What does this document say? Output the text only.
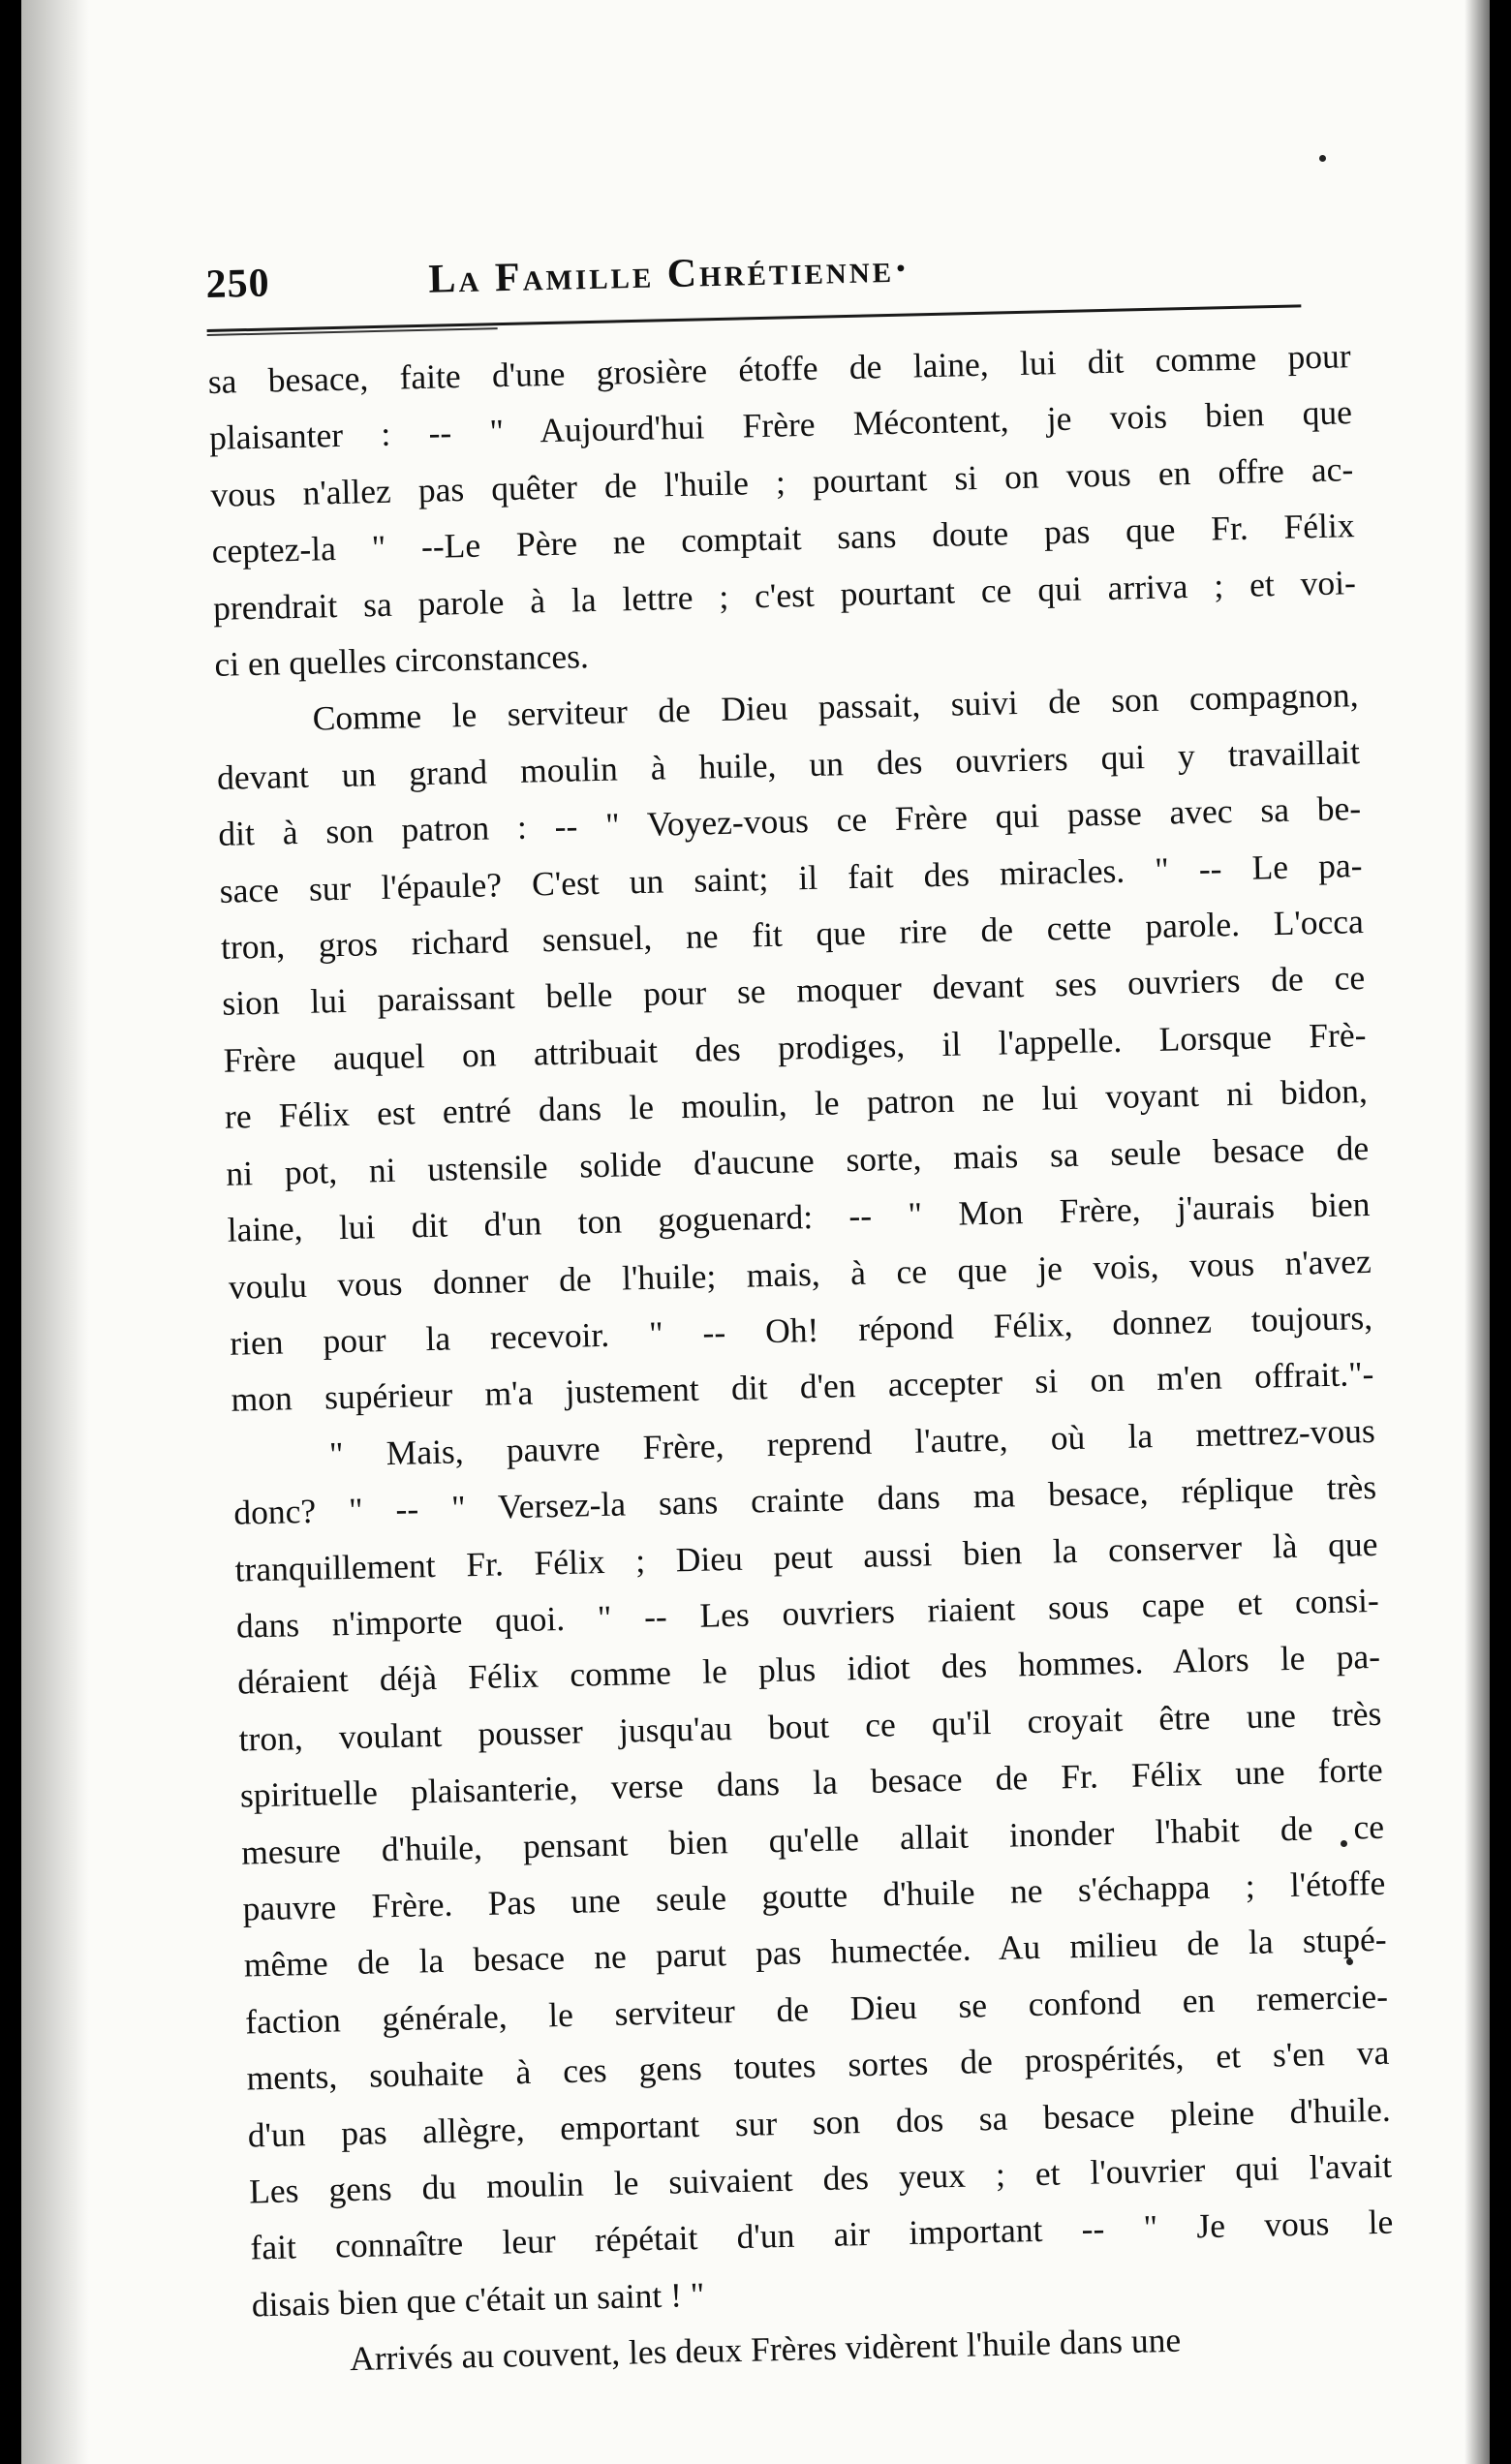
250	La Famille Chrétienne·
sa besace, faite d'une grosière étoffe de laine, lui dit comme pour
plaisanter : -- " Aujourd'hui Frère Mécontent, je vois bien que
vous n'allez pas quêter de l'huile ; pourtant si on vous en offre ac-
ceptez-la " --Le Père ne comptait sans doute pas que Fr. Félix
prendrait sa parole à la lettre ; c'est pourtant ce qui arriva ; et voi-
ci en quelles circonstances.
Comme le serviteur de Dieu passait, suivi de son compagnon,
devant un grand moulin à huile, un des ouvriers qui y travaillait
dit à son patron : -- " Voyez-vous ce Frère qui passe avec sa be-
sace sur l'épaule? C'est un saint; il fait des miracles. " -- Le pa-
tron, gros richard sensuel, ne fit que rire de cette parole. L'occa
sion lui paraissant belle pour se moquer devant ses ouvriers de ce
Frère auquel on attribuait des prodiges, il l'appelle. Lorsque Frè-
re Félix est entré dans le moulin, le patron ne lui voyant ni bidon,
ni pot, ni ustensile solide d'aucune sorte, mais sa seule besace de
laine, lui dit d'un ton goguenard: -- " Mon Frère, j'aurais bien
voulu vous donner de l'huile; mais, à ce que je vois, vous n'avez
rien pour la recevoir. " -- Oh! répond Félix, donnez toujours,
mon supérieur m'a justement dit d'en accepter si on m'en offrait."-
" Mais, pauvre Frère, reprend l'autre, où la mettrez-vous
donc? " -- " Versez-la sans crainte dans ma besace, réplique très
tranquillement Fr. Félix ; Dieu peut aussi bien la conserver là que
dans n'importe quoi. " -- Les ouvriers riaient sous cape et consi-
déraient déjà Félix comme le plus idiot des hommes. Alors le pa-
tron, voulant pousser jusqu'au bout ce qu'il croyait être une très
spirituelle plaisanterie, verse dans la besace de Fr. Félix une forte
mesure d'huile, pensant bien qu'elle allait inonder l'habit de ce
pauvre Frère. Pas une seule goutte d'huile ne s'échappa ; l'étoffe
même de la besace ne parut pas humectée. Au milieu de la stupé-
faction générale, le serviteur de Dieu se confond en remercie-
ments, souhaite à ces gens toutes sortes de prospérités, et s'en va
d'un pas allègre, emportant sur son dos sa besace pleine d'huile.
Les gens du moulin le suivaient des yeux ; et l'ouvrier qui l'avait
fait connaître leur répétait d'un air important -- " Je vous le
disais bien que c'était un saint ! "
Arrivés au couvent, les deux Frères vidèrent l'huile dans une
